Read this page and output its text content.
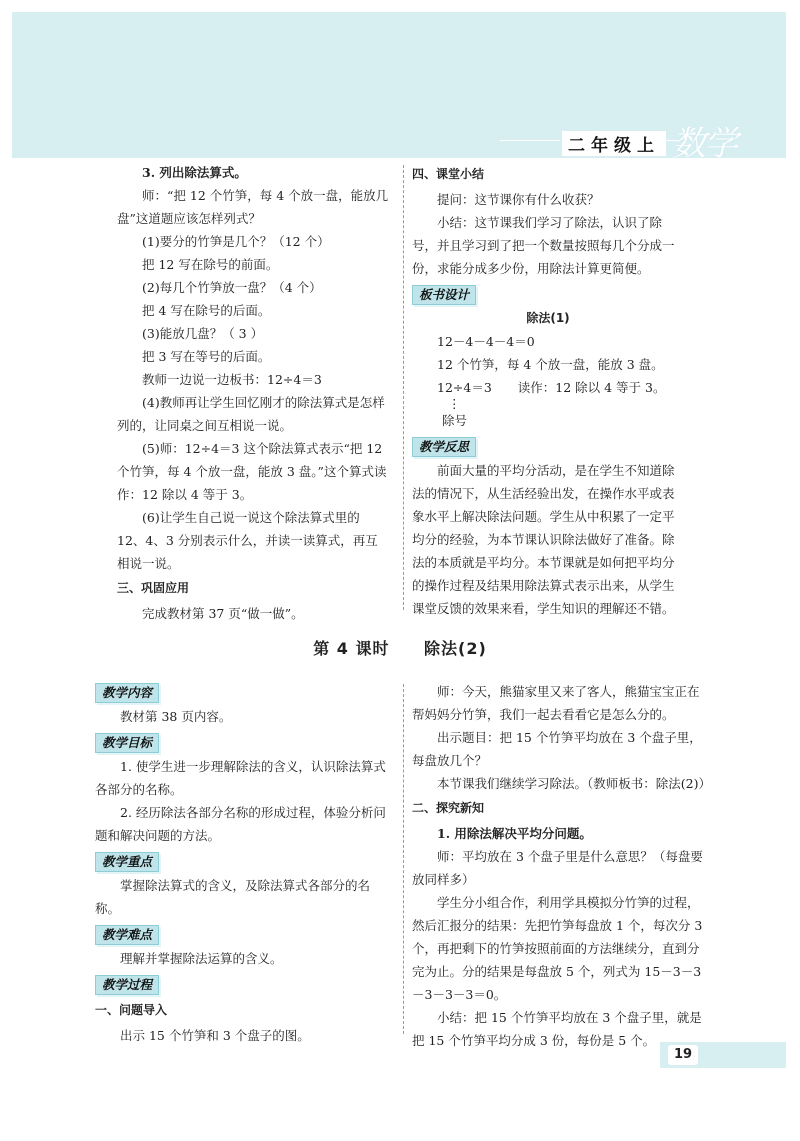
二年级上 数学

3. 列出除法算式。

师：“把 12 个竹笋，每 4 个放一盘，能放几盘”这道题应该怎样列式？

(1)要分的竹笋是几个？（12 个）

把 12 写在除号的前面。

(2)每几个竹笋放一盘？（4 个）

把 4 写在除号的后面。

(3)能放几盘？（ 3 ）

把 3 写在等号的后面。

教师一边说一边板书：12÷4＝3

(4)教师再让学生回忆刚才的除法算式是怎样列的，让同桌之间互相说一说。

(5)师：12÷4＝3 这个除法算式表示“把 12 个竹笋，每 4 个放一盘，能放 3 盘。”这个算式读作：12 除以 4 等于 3。

(6)让学生自己说一说这个除法算式里的 12、4、3 分别表示什么，并读一读算式，再互相说一说。

三、巩固应用

完成教材第 37 页“做一做”。

四、课堂小结

提问：这节课你有什么收获？

小结：这节课我们学习了除法，认识了除号，并且学习到了把一个数量按照每几个分成一份，求能分成多少份，用除法计算更简便。

板书设计

除法(1)

12－4－4－4＝0

12 个竹笋，每 4 个放一盘，能放 3 盘。

12÷4＝3 读作：12 除以 4 等于 3。

⋮

除号

教学反思

前面大量的平均分活动，是在学生不知道除法的情况下，从生活经验出发，在操作水平或表象水平上解决除法问题。学生从中积累了一定平均分的经验，为本节课认识除法做好了准备。除法的本质就是平均分。本节课就是如何把平均分的操作过程及结果用除法算式表示出来，从学生课堂反馈的效果来看，学生知识的理解还不错。

第 4 课时 除法(2)
教学内容

教材第 38 页内容。

教学目标

1. 使学生进一步理解除法的含义，认识除法算式各部分的名称。

2. 经历除法各部分名称的形成过程，体验分析问题和解决问题的方法。

教学重点

掌握除法算式的含义，及除法算式各部分的名称。

教学难点

理解并掌握除法运算的含义。

教学过程

一、问题导入

出示 15 个竹笋和 3 个盘子的图。

师：今天，熊猫家里又来了客人，熊猫宝宝正在帮妈妈分竹笋，我们一起去看看它是怎么分的。

出示题目：把 15 个竹笋平均放在 3 个盘子里，每盘放几个？

本节课我们继续学习除法。（教师板书：除法(2)）

二、探究新知

1. 用除法解决平均分问题。

师：平均放在 3 个盘子里是什么意思？（每盘要放同样多）

学生分小组合作，利用学具模拟分竹笋的过程，然后汇报分的结果：先把竹笋每盘放 1 个，每次分 3 个，再把剩下的竹笋按照前面的方法继续分，直到分完为止。分的结果是每盘放 5 个，列式为 15－3－3－3－3－3＝0。

小结：把 15 个竹笋平均放在 3 个盘子里，就是把 15 个竹笋平均分成 3 份，每份是 5 个。

19
